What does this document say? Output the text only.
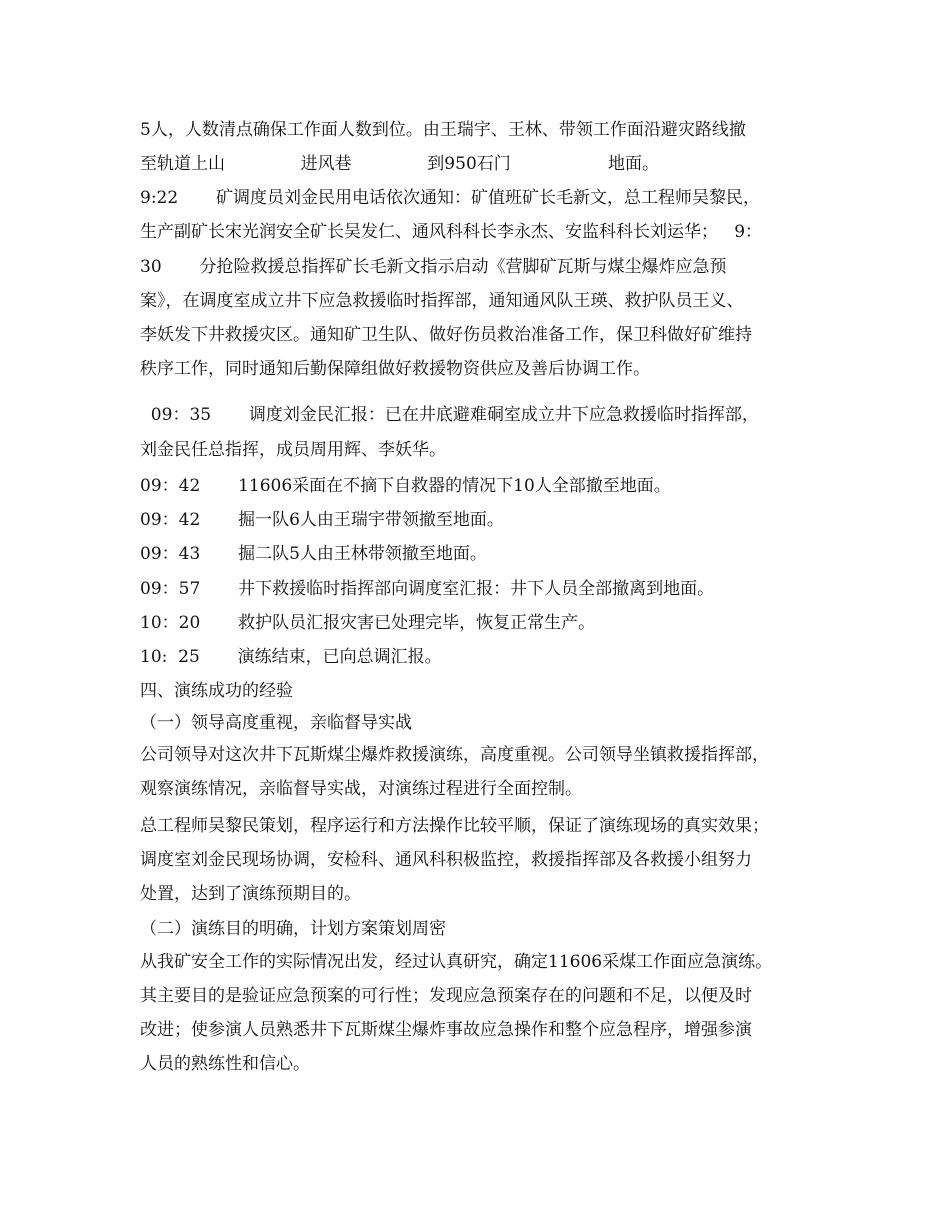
5人，人数清点确保工作面人数到位。由王瑞宇、王林、带领工作面沿避灾路线撤
至轨道上山              进风巷              到950石门                  地面。
9:22       矿调度员刘金民用电话依次通知：矿值班矿长毛新文，总工程师吴黎民，
生产副矿长宋光润安全矿长吴发仁、通风科科长李永杰、安监科科长刘运华；   9：
30       分抢险救援总指挥矿长毛新文指示启动《营脚矿瓦斯与煤尘爆炸应急预
案》，在调度室成立井下应急救援临时指挥部，通知通风队王瑛、救护队员王义、
李妖发下井救援灾区。通知矿卫生队、做好伤员救治准备工作，保卫科做好矿维持
秩序工作，同时通知后勤保障组做好救援物资供应及善后协调工作。
09：35       调度刘金民汇报：已在井底避难硐室成立井下应急救援临时指挥部，
刘金民任总指挥，成员周用辉、李妖华。
09：42       11606采面在不摘下自救器的情况下10人全部撤至地面。
09：42       掘一队6人由王瑞宇带领撤至地面。
09：43       掘二队5人由王林带领撤至地面。
09：57       井下救援临时指挥部向调度室汇报：井下人员全部撤离到地面。
10：20       救护队员汇报灾害已处理完毕，恢复正常生产。
10:  25       演练结束，已向总调汇报。
四、演练成功的经验
（一）领导高度重视，亲临督导实战
公司领导对这次井下瓦斯煤尘爆炸救援演练，高度重视。公司领导坐镇救援指挥部，
观察演练情况，亲临督导实战，对演练过程进行全面控制。
总工程师吴黎民策划，程序运行和方法操作比较平顺，保证了演练现场的真实效果；
调度室刘金民现场协调，安检科、通风科积极监控，救援指挥部及各救援小组努力
处置，达到了演练预期目的。
（二）演练目的明确，计划方案策划周密
从我矿安全工作的实际情况出发，经过认真研究，确定11606采煤工作面应急演练。
其主要目的是验证应急预案的可行性；发现应急预案存在的问题和不足，以便及时
改进；使参演人员熟悉井下瓦斯煤尘爆炸事故应急操作和整个应急程序，增强参演
人员的熟练性和信心。
